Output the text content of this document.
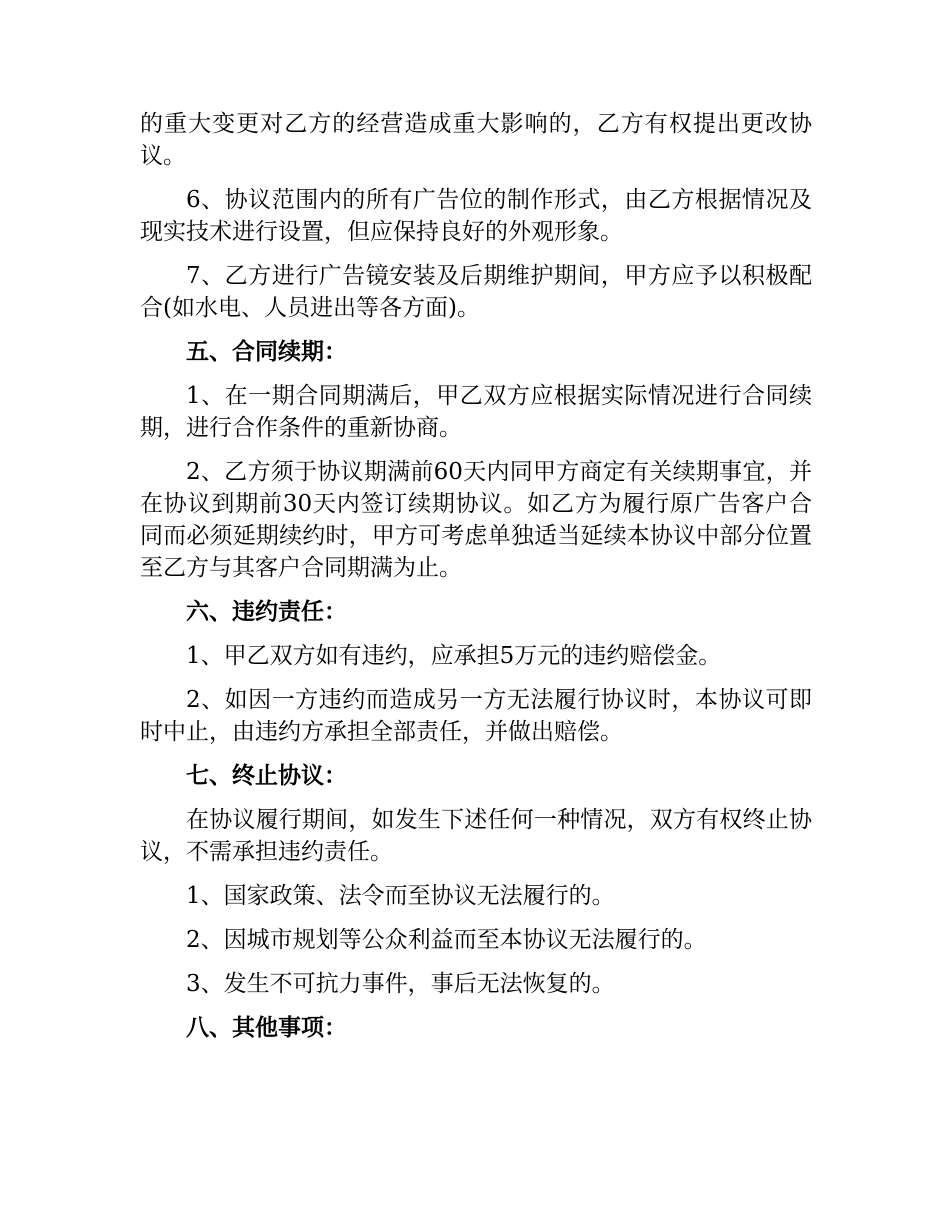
的重大变更对乙方的经营造成重大影响的，乙方有权提出更改协议。

6、协议范围内的所有广告位的制作形式，由乙方根据情况及现实技术进行设置，但应保持良好的外观形象。

7、乙方进行广告镜安装及后期维护期间，甲方应予以积极配合(如水电、人员进出等各方面)。

五、合同续期：

1、在一期合同期满后，甲乙双方应根据实际情况进行合同续期，进行合作条件的重新协商。

2、乙方须于协议期满前60天内同甲方商定有关续期事宜，并在协议到期前30天内签订续期协议。如乙方为履行原广告客户合同而必须延期续约时，甲方可考虑单独适当延续本协议中部分位置至乙方与其客户合同期满为止。

六、违约责任：

1、甲乙双方如有违约，应承担5万元的违约赔偿金。

2、如因一方违约而造成另一方无法履行协议时，本协议可即时中止，由违约方承担全部责任，并做出赔偿。

七、终止协议：

在协议履行期间，如发生下述任何一种情况，双方有权终止协议，不需承担违约责任。

1、国家政策、法令而至协议无法履行的。

2、因城市规划等公众利益而至本协议无法履行的。

3、发生不可抗力事件，事后无法恢复的。

八、其他事项：
